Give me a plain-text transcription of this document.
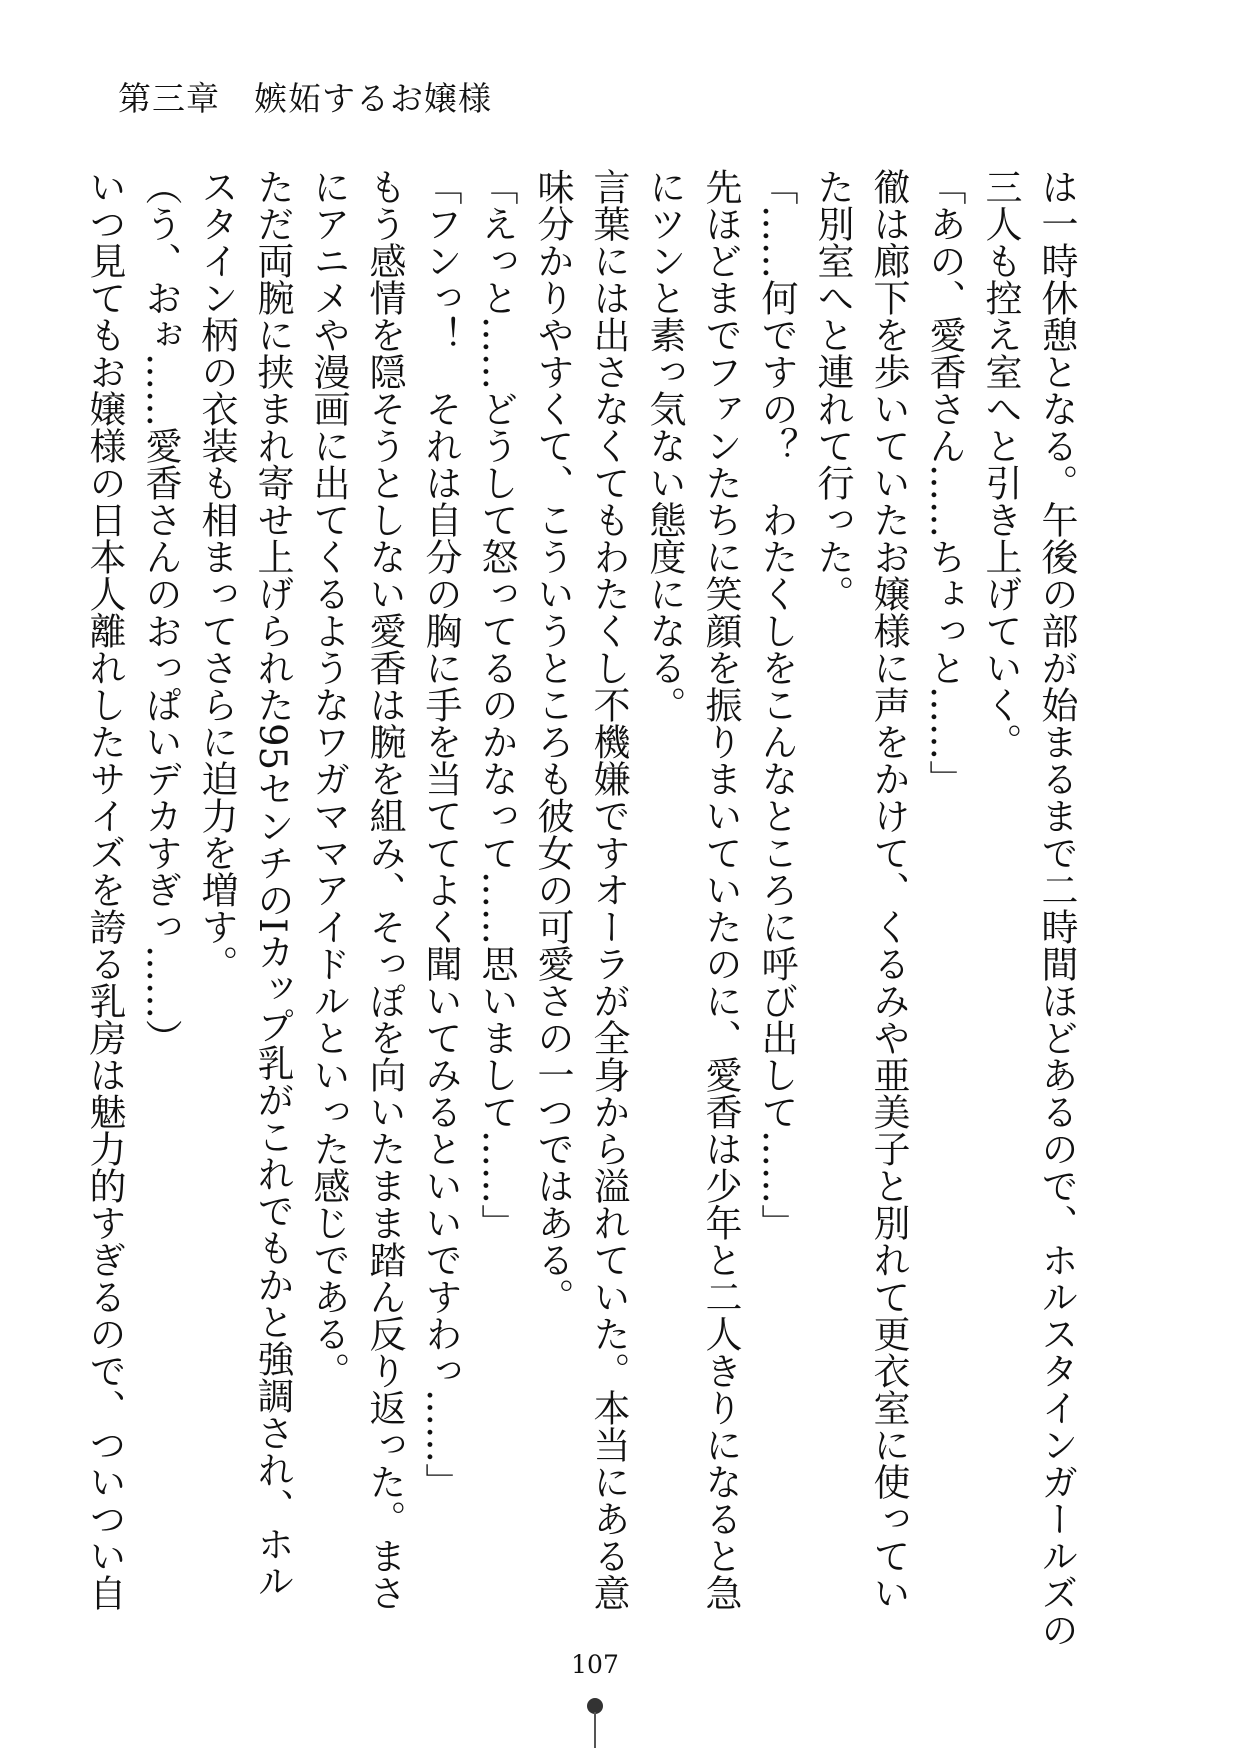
第三章　嫉妬するお嬢様

は一時休憩となる。午後の部が始まるまで二時間ほどあるので、ホルスタインガールズの

三人も控え室へと引き上げていく。

「あの、愛香さん……ちょっと……」

徹は廊下を歩いていたお嬢様に声をかけて、くるみや亜美子と別れて更衣室に使ってい

た別室へと連れて行った。

「……何ですの？　わたくしをこんなところに呼び出して……」

先ほどまでファンたちに笑顔を振りまいていたのに、愛香は少年と二人きりになると急

にツンと素っ気ない態度になる。

言葉には出さなくてもわたくし不機嫌ですオーラが全身から溢れていた。本当にある意

味分かりやすくて、こういうところも彼女の可愛さの一つではある。

「えっと……どうして怒ってるのかなって……思いまして……」

「フンっ！　それは自分の胸に手を当ててよく聞いてみるといいですわっ……」

もう感情を隠そうとしない愛香は腕を組み、そっぽを向いたまま踏ん反り返った。まさ

にアニメや漫画に出てくるようなワガママアイドルといった感じである。

ただ両腕に挟まれ寄せ上げられた95センチのIカップ乳がこれでもかと強調され、ホル

スタイン柄の衣装も相まってさらに迫力を増す。

（う、おぉ……愛香さんのおっぱいデカすぎっ……）

いつ見てもお嬢様の日本人離れしたサイズを誇る乳房は魅力的すぎるので、ついつい自

107
